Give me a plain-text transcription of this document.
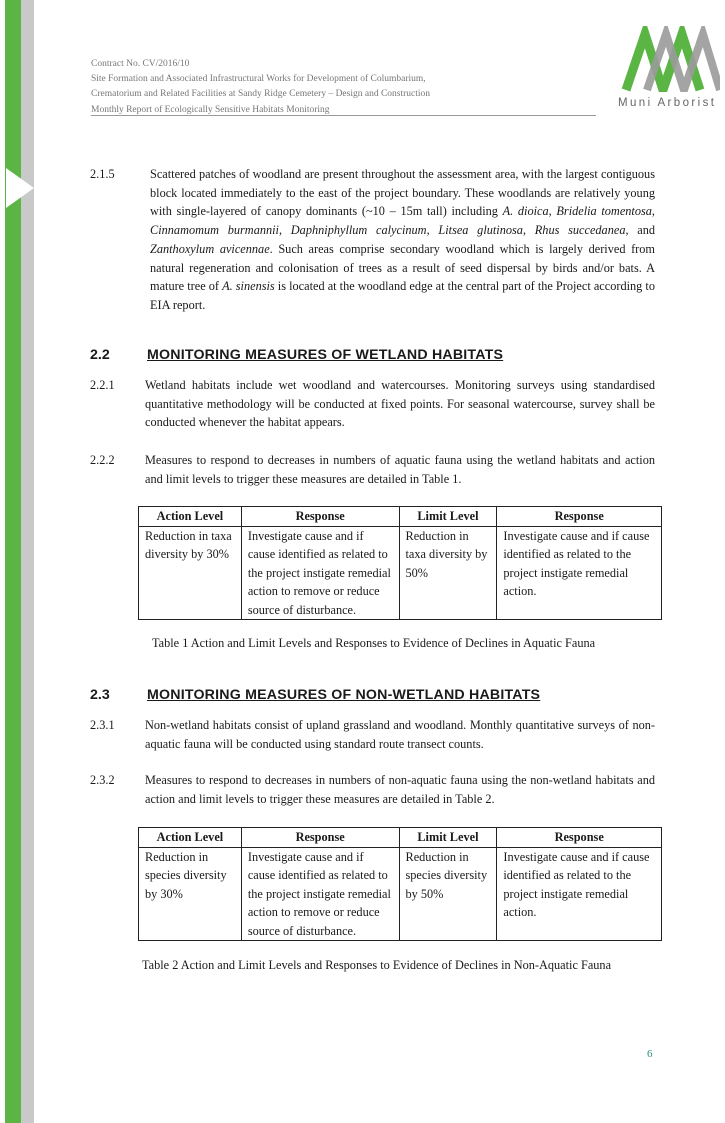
Contract No. CV/2016/10
Site Formation and Associated Infrastructural Works for Development of Columbarium,
Crematorium and Related Facilities at Sandy Ridge Cemetery – Design and Construction
Monthly Report of Ecologically Sensitive Habitats Monitoring
Muni Arborist
2.1.5	Scattered patches of woodland are present throughout the assessment area, with the largest contiguous block located immediately to the east of the project boundary. These woodlands are relatively young with single-layered of canopy dominants (~10 – 15m tall) including A. dioica, Bridelia tomentosa, Cinnamomum burmannii, Daphniphyllum calycinum, Litsea glutinosa, Rhus succedanea, and Zanthoxylum avicennae. Such areas comprise secondary woodland which is largely derived from natural regeneration and colonisation of trees as a result of seed dispersal by birds and/or bats. A mature tree of A. sinensis is located at the woodland edge at the central part of the Project according to EIA report.

2.2	MONITORING MEASURES OF WETLAND HABITATS
2.2.1 Wetland habitats include wet woodland and watercourses. Monitoring surveys using standardised quantitative methodology will be conducted at fixed points. For seasonal watercourse, survey shall be conducted whenever the habitat appears.

2.2.2 Measures to respond to decreases in numbers of aquatic fauna using the wetland habitats and action and limit levels to trigger these measures are detailed in Table 1.

Action Level	Response	Limit Level	Response
Reduction in taxa diversity by 30%	Investigate cause and if cause identified as related to the project instigate remedial action to remove or reduce source of disturbance.	Reduction in taxa diversity by 50%	Investigate cause and if cause identified as related to the project instigate remedial action.
Table 1 Action and Limit Levels and Responses to Evidence of Declines in Aquatic Fauna
2.3	MONITORING MEASURES OF NON-WETLAND HABITATS
2.3.1 Non-wetland habitats consist of upland grassland and woodland. Monthly quantitative surveys of non-aquatic fauna will be conducted using standard route transect counts.

2.3.2 Measures to respond to decreases in numbers of non-aquatic fauna using the non-wetland habitats and action and limit levels to trigger these measures are detailed in Table 2.

Action Level	Response	Limit Level	Response
Reduction in species diversity by 30%	Investigate cause and if cause identified as related to the project instigate remedial action to remove or reduce source of disturbance.	Reduction in species diversity by 50%	Investigate cause and if cause identified as related to the project instigate remedial action.
Table 2 Action and Limit Levels and Responses to Evidence of Declines in Non-Aquatic Fauna
6
